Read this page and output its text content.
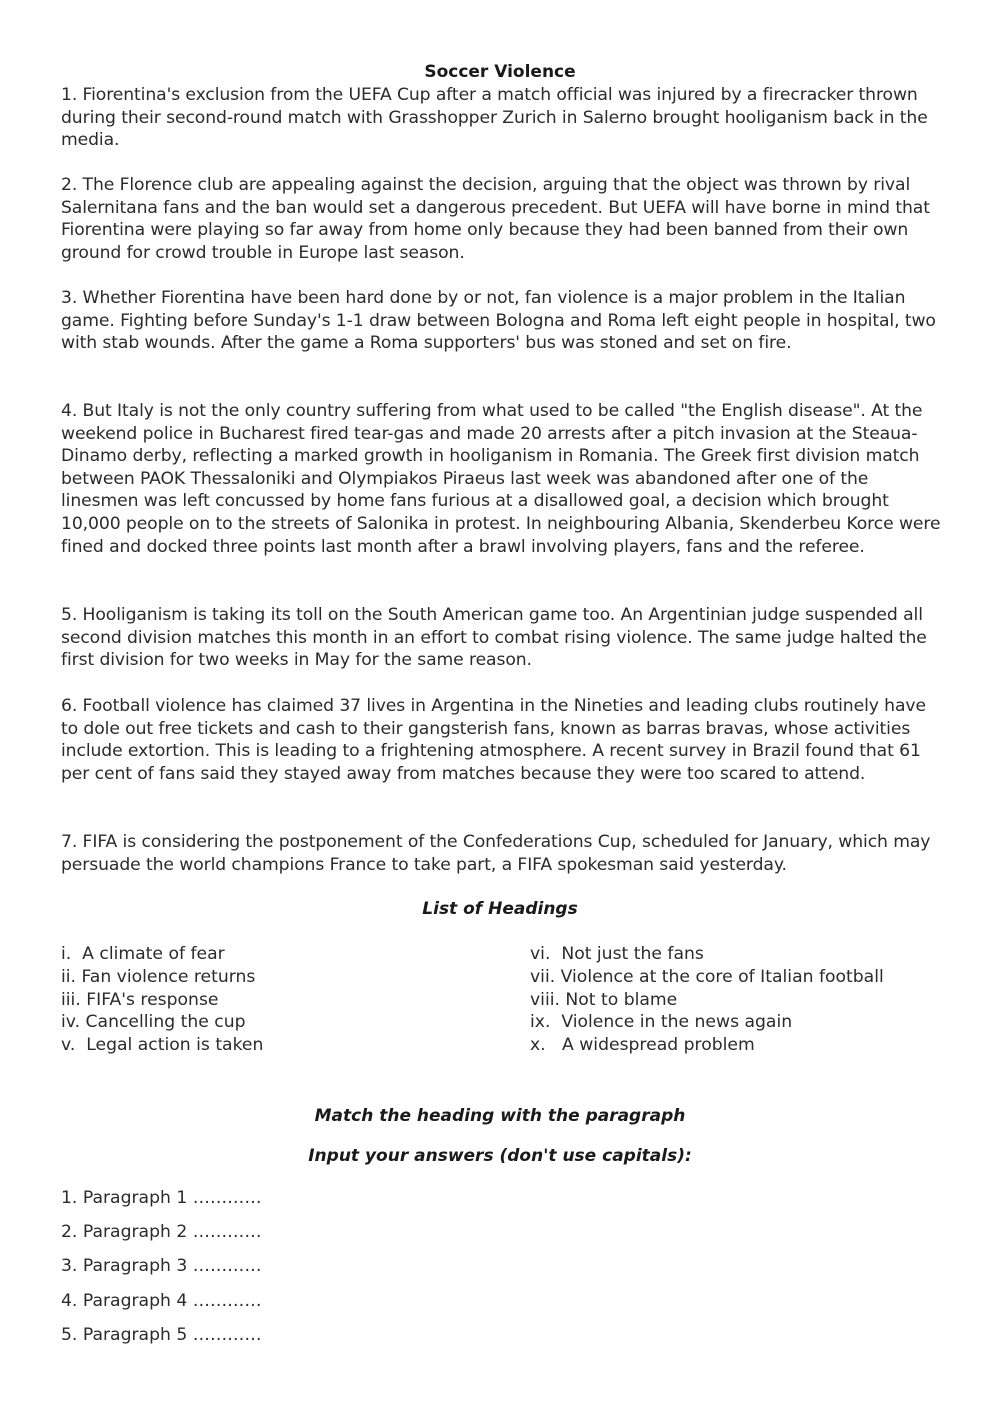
Soccer Violence

1. Fiorentina's exclusion from the UEFA Cup after a match official was injured by a firecracker thrown during their second-round match with Grasshopper Zurich in Salerno brought hooliganism back in the media.

2. The Florence club are appealing against the decision, arguing that the object was thrown by rival Salernitana fans and the ban would set a dangerous precedent. But UEFA will have borne in mind that Fiorentina were playing so far away from home only because they had been banned from their own ground for crowd trouble in Europe last season.

3. Whether Fiorentina have been hard done by or not, fan violence is a major problem in the Italian game. Fighting before Sunday's 1-1 draw between Bologna and Roma left eight people in hospital, two with stab wounds. After the game a Roma supporters' bus was stoned and set on fire.

4. But Italy is not the only country suffering from what used to be called "the English disease". At the weekend police in Bucharest fired tear-gas and made 20 arrests after a pitch invasion at the Steaua-Dinamo derby, reflecting a marked growth in hooliganism in Romania. The Greek first division match between PAOK Thessaloniki and Olympiakos Piraeus last week was abandoned after one of the linesmen was left concussed by home fans furious at a disallowed goal, a decision which brought 10,000 people on to the streets of Salonika in protest. In neighbouring Albania, Skenderbeu Korce were fined and docked three points last month after a brawl involving players, fans and the referee.

5. Hooliganism is taking its toll on the South American game too. An Argentinian judge suspended all second division matches this month in an effort to combat rising violence. The same judge halted the first division for two weeks in May for the same reason.

6. Football violence has claimed 37 lives in Argentina in the Nineties and leading clubs routinely have to dole out free tickets and cash to their gangsterish fans, known as barras bravas, whose activities include extortion. This is leading to a frightening atmosphere. A recent survey in Brazil found that 61 per cent of fans said they stayed away from matches because they were too scared to attend.

7. FIFA is considering the postponement of the Confederations Cup, scheduled for January, which may persuade the world champions France to take part, a FIFA spokesman said yesterday.

List of Headings
i.  A climate of fear
ii. Fan violence returns
iii. FIFA's response
iv. Cancelling the cup
v.  Legal action is taken
vi.  Not just the fans
vii. Violence at the core of Italian football
viii. Not to blame
ix.  Violence in the news again
x.   A widespread problem
Match the heading with the paragraph
Input your answers (don't use capitals):
1. Paragraph 1 …………
2. Paragraph 2 …………
3. Paragraph 3 …………
4. Paragraph 4 …………
5. Paragraph 5 …………
